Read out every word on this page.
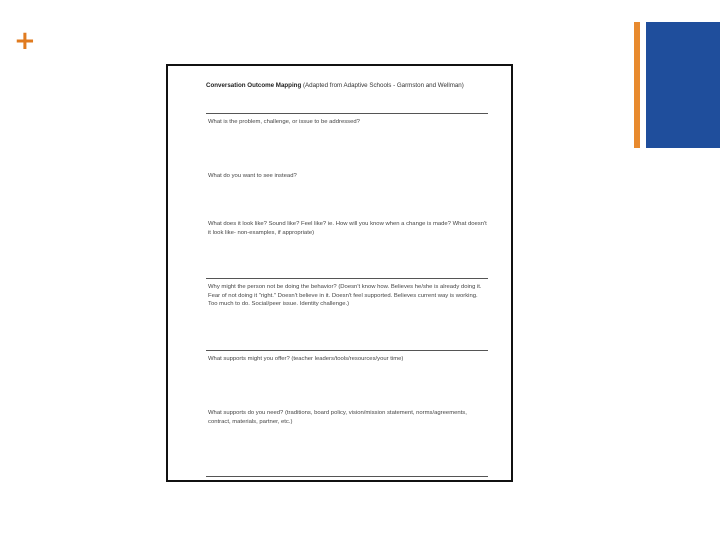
+
Conversation Outcome Mapping (Adapted from Adaptive Schools - Garmston and Wellman)
What is the problem, challenge, or issue to be addressed?
What do you want to see instead?
What does it look like? Sound like? Feel like? ie. How will you know when a change is made? What doesn't it look like- non-examples, if appropriate)
Why might the person not be doing the behavior? (Doesn't know how. Believes he/she is already doing it. Fear of not doing it "right." Doesn't believe in it. Doesn't feel supported. Believes current way is working. Too much to do. Social/peer issue. Identity challenge.)
What supports might you offer? (teacher leaders/tools/resources/your time)
What supports do you need? (traditions, board policy, vision/mission statement, norms/agreements, contract, materials, partner, etc.)
